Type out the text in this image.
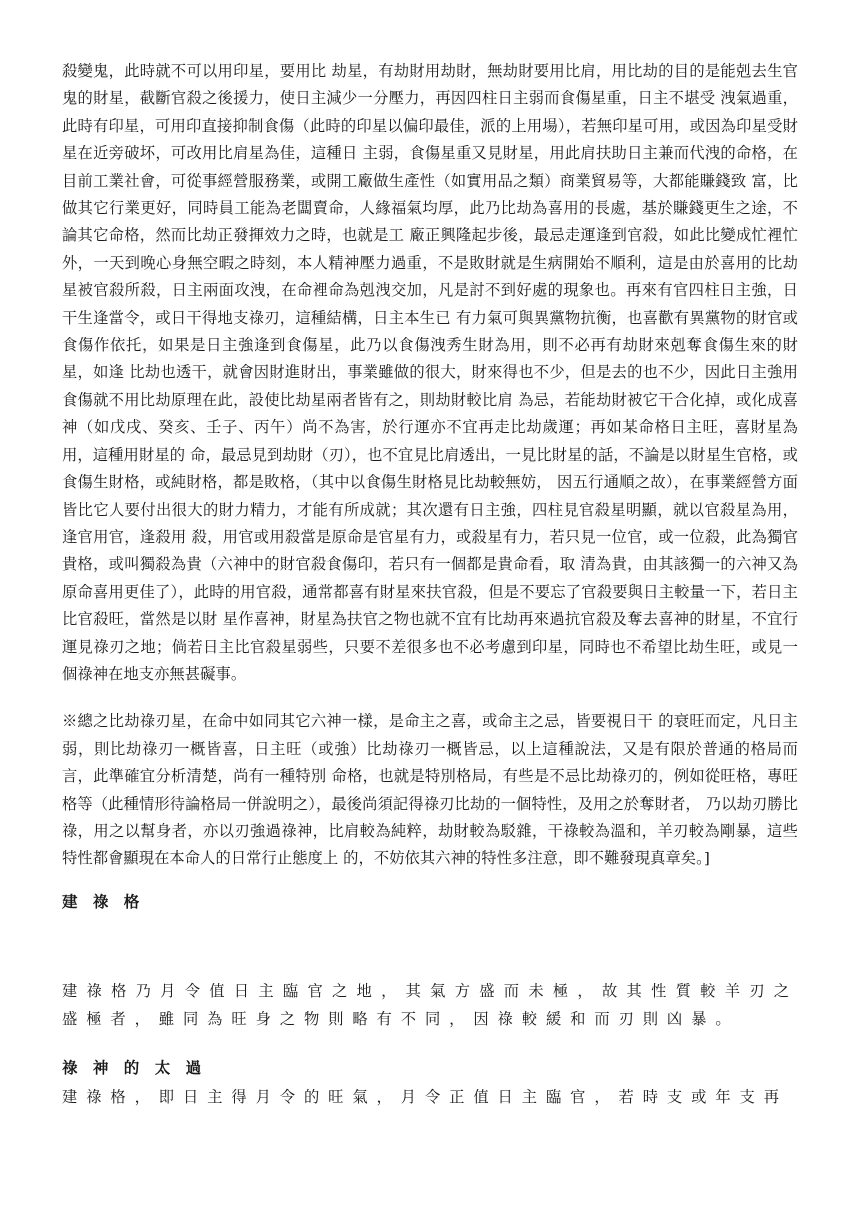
殺變鬼，此時就不可以用印星，要用比 劫星，有劫財用劫財，無劫財要用比肩，用比劫的目的是能剋去生官鬼的財星，截斷官殺之後援力，使日主減少一分壓力，再因四柱日主弱而食傷星重，日主不堪受 洩氣過重，此時有印星，可用印直接抑制食傷（此時的印星以偏印最佳，派的上用場），若無印星可用，或因為印星受財星在近旁破坏，可改用比肩星為佳，這種日 主弱，食傷星重又見財星，用此肩扶助日主兼而代洩的命格，在目前工業社會，可從事經營服務業，或開工廠做生產性（如實用品之類）商業貿易等，大都能賺錢致 富，比做其它行業更好，同時員工能為老闆賣命，人緣福氣均厚，此乃比劫為喜用的長處，基於賺錢更生之途，不論其它命格，然而比劫正發揮效力之時，也就是工 廠正興隆起步後，最忌走運逢到官殺，如此比變成忙裡忙外，一天到晚心身無空暇之時刻，本人精神壓力過重，不是敗財就是生病開始不順利，這是由於喜用的比劫 星被官殺所殺，日主兩面攻洩，在命裡命為剋洩交加，凡是討不到好處的現象也。再來有官四柱日主強，日干生逢當令，或日干得地支祿刃，這種結構，日主本生已 有力氣可與異黨物抗衡，也喜歡有異黨物的財官或食傷作依托，如果是日主強逢到食傷星，此乃以食傷洩秀生財為用，則不必再有劫財來剋奪食傷生來的財星，如逢 比劫也透干，就會因財進財出，事業雖做的很大，財來得也不少，但是去的也不少，因此日主強用食傷就不用比劫原理在此，設使比劫星兩者皆有之，則劫財較比肩 為忌，若能劫財被它干合化掉，或化成喜神（如戊戌、癸亥、壬子、丙午）尚不為害，於行運亦不宜再走比劫歲運；再如某命格日主旺，喜財星為用，這種用財星的 命，最忌見到劫財（刃），也不宜見比肩透出，一見比財星的話，不論是以財星生官格，或食傷生財格，或純財格，都是敗格，（其中以食傷生財格見比劫較無妨， 因五行通順之故），在事業經營方面皆比它人要付出很大的財力精力，才能有所成就；其次還有日主強，四柱見官殺星明顯，就以官殺星為用，逢官用官，逢殺用 殺，用官或用殺當是原命是官星有力，或殺星有力，若只見一位官，或一位殺，此為獨官貴格，或叫獨殺為貴（六神中的財官殺食傷印，若只有一個都是貴命看，取 清為貴，由其該獨一的六神又為原命喜用更佳了），此時的用官殺，通常都喜有財星來扶官殺，但是不要忘了官殺要與日主較量一下，若日主比官殺旺，當然是以財 星作喜神，財星為扶官之物也就不宜有比劫再來過抗官殺及奪去喜神的財星，不宜行運見祿刃之地；倘若日主比官殺星弱些，只要不差很多也不必考慮到印星，同時也不希望比劫生旺，或見一個祿神在地支亦無甚礙事。

※總之比劫祿刃星，在命中如同其它六神一樣，是命主之喜，或命主之忌，皆要視日干 的衰旺而定，凡日主弱，則比劫祿刃一概皆喜，日主旺（或強）比劫祿刃一概皆忌，以上這種說法，又是有限於普通的格局而言，此準確宜分析清楚，尚有一種特別 命格，也就是特別格局，有些是不忌比劫祿刃的，例如從旺格，專旺格等（此種情形待論格局一併說明之），最後尚須記得祿刃比劫的一個特性，及用之於奪財者， 乃以劫刃勝比祿，用之以幫身者，亦以刃強過祿神，比肩較為純粹，劫財較為駁雜，干祿較為溫和，羊刃較為剛暴，這些特性都會顯現在本命人的日常行止態度上 的，不妨依其六神的特性多注意，即不難發現真章矣。]

建 祿 格

建祿格乃月令值日主臨官之地，其氣方盛而未極，故其性質較羊刃之盛極者，雖同為旺身之物則略有不同，因祿較緩和而刃則凶暴。

祿 神 的 太 過

建祿格，即日主得月令的旺氣，月令正值日主臨官，若時支或年支再
